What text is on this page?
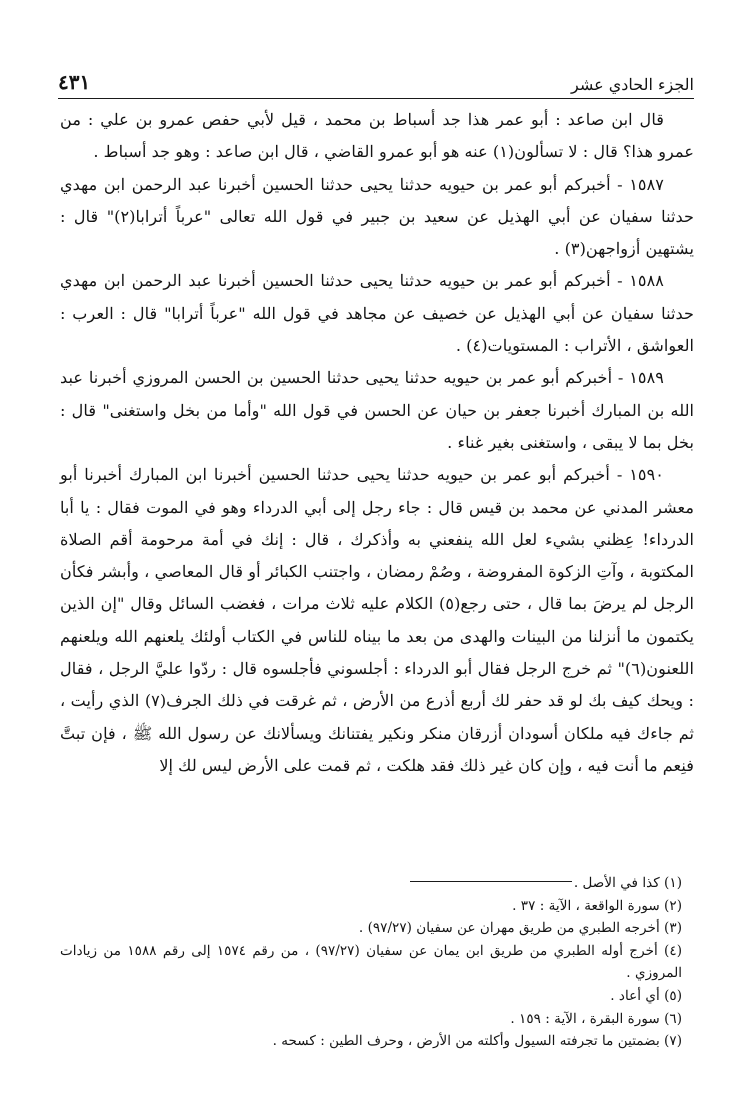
الجزء الحادي عشر
٤٣١

قال ابن صاعد : أبو عمر هذا جد أسباط بن محمد ، قيل لأبي حفص عمرو بن علي : من عمرو هذا؟ قال : لا تسألون(١) عنه هو أبو عمرو القاضي ، قال ابن صاعد : وهو جد أسباط .

١٥٨٧ - أخبركم أبو عمر بن حيويه حدثنا يحيى حدثنا الحسين أخبرنا عبد الرحمن ابن مهدي حدثنا سفيان عن أبي الهذيل عن سعيد بن جبير في قول الله تعالى "عرباً أترابا(٢)" قال : يشتهين أزواجهن(٣) .

١٥٨٨ - أخبركم أبو عمر بن حيويه حدثنا يحيى حدثنا الحسين أخبرنا عبد الرحمن ابن مهدي حدثنا سفيان عن أبي الهذيل عن خصيف عن مجاهد في قول الله "عرباً أترابا" قال : العرب : العواشق ، الأتراب : المستويات(٤) .

١٥٨٩ - أخبركم أبو عمر بن حيويه حدثنا يحيى حدثنا الحسين بن الحسن المروزي أخبرنا عبد الله بن المبارك أخبرنا جعفر بن حيان عن الحسن في قول الله "وأما من بخل واستغنى" قال : بخل بما لا يبقى ، واستغنى بغير غناء .

١٥٩٠ - أخبركم أبو عمر بن حيويه حدثنا يحيى حدثنا الحسين أخبرنا ابن المبارك أخبرنا أبو معشر المدني عن محمد بن قيس قال : جاء رجل إلى أبي الدرداء وهو في الموت فقال : يا أبا الدرداء! عِظني بشيء لعل الله ينفعني به وأذكرك ، قال : إنك في أمة مرحومة أقم الصلاة المكتوبة ، وآتِ الزكوة المفروضة ، وصُمْ رمضان ، واجتنب الكبائر أو قال المعاصي ، وأبشر فكأن الرجل لم يرضَ بما قال ، حتى رجع(٥) الكلام عليه ثلاث مرات ، فغضب السائل وقال "إن الذين يكتمون ما أنزلنا من البينات والهدى من بعد ما بيناه للناس في الكتاب أولئك يلعنهم الله ويلعنهم اللعنون(٦)" ثم خرج الرجل فقال أبو الدرداء : أجلسوني فأجلسوه قال : ردّوا عليَّ الرجل ، فقال : ويحك كيف بك لو قد حفر لك أربع أذرع من الأرض ، ثم غرقت في ذلك الجرف(٧) الذي رأيت ، ثم جاءك فيه ملكان أسودان أزرقان منكر ونكير يفتنانك ويسألانك عن رسول الله ﷺ ، فإن تبتَّ فنِعم ما أنت فيه ، وإن كان غير ذلك فقد هلكت ، ثم قمت على الأرض ليس لك إلا

(١) كذا في الأصل .

(٢) سورة الواقعة ، الآية : ٣٧ .

(٣) أخرجه الطبري من طريق مهران عن سفيان (٩٧/٢٧) .

(٤) أخرج أوله الطبري من طريق ابن يمان عن سفيان (٩٧/٢٧) ، من رقم ١٥٧٤ إلى رقم ١٥٨٨ من زيادات المروزي .

(٥) أي أعاد .

(٦) سورة البقرة ، الآية : ١٥٩ .

(٧) بضمتين ما تجرفته السيول وأكلته من الأرض ، وحرف الطين : كسحه .
